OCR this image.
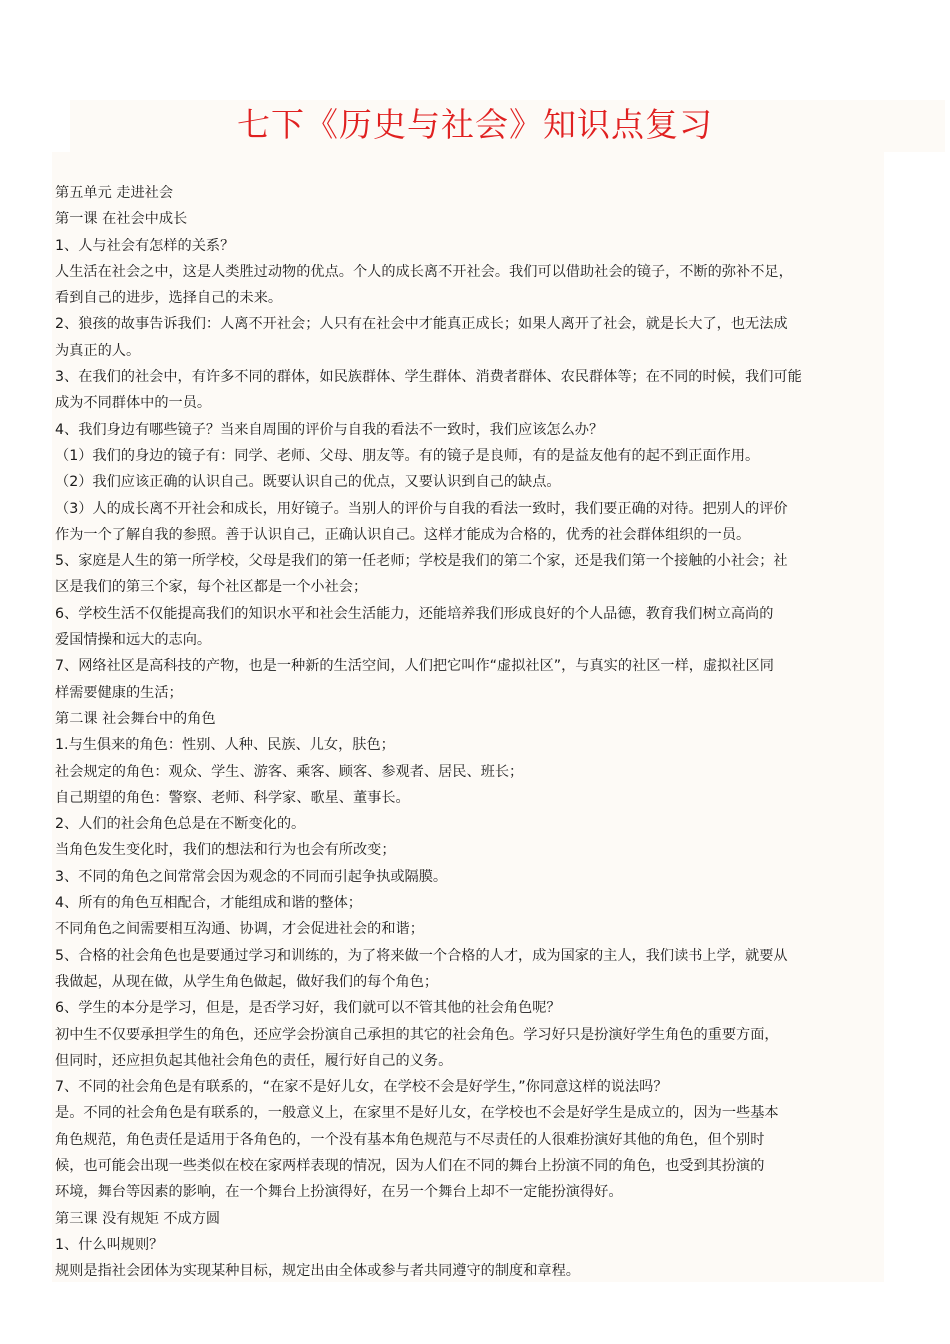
七下《历史与社会》知识点复习
第五单元 走进社会
第一课 在社会中成长
1、人与社会有怎样的关系？
人生活在社会之中，这是人类胜过动物的优点。个人的成长离不开社会。我们可以借助社会的镜子，不断的弥补不足，
看到自己的进步，选择自己的未来。
2、狼孩的故事告诉我们：人离不开社会；人只有在社会中才能真正成长；如果人离开了社会，就是长大了，也无法成
为真正的人。
3、在我们的社会中，有许多不同的群体，如民族群体、学生群体、消费者群体、农民群体等；在不同的时候，我们可能
成为不同群体中的一员。
4、我们身边有哪些镜子？当来自周围的评价与自我的看法不一致时，我们应该怎么办？
（1）我们的身边的镜子有：同学、老师、父母、朋友等。有的镜子是良师，有的是益友他有的起不到正面作用。
（2）我们应该正确的认识自己。既要认识自己的优点，又要认识到自己的缺点。
（3）人的成长离不开社会和成长，用好镜子。当别人的评价与自我的看法一致时，我们要正确的对待。把别人的评价
作为一个了解自我的参照。善于认识自己，正确认识自己。这样才能成为合格的，优秀的社会群体组织的一员。
5、家庭是人生的第一所学校，父母是我们的第一任老师；学校是我们的第二个家，还是我们第一个接触的小社会；社
区是我们的第三个家，每个社区都是一个小社会；
6、学校生活不仅能提高我们的知识水平和社会生活能力，还能培养我们形成良好的个人品德，教育我们树立高尚的
爱国情操和远大的志向。
7、网络社区是高科技的产物，也是一种新的生活空间，人们把它叫作“虚拟社区”，与真实的社区一样，虚拟社区同
样需要健康的生活；
第二课 社会舞台中的角色
1.与生俱来的角色：性别、人种、民族、儿女，肤色；
社会规定的角色：观众、学生、游客、乘客、顾客、参观者、居民、班长；
自己期望的角色：警察、老师、科学家、歌星、董事长。
2、人们的社会角色总是在不断变化的。
当角色发生变化时，我们的想法和行为也会有所改变；
3、不同的角色之间常常会因为观念的不同而引起争执或隔膜。
4、所有的角色互相配合，才能组成和谐的整体；
不同角色之间需要相互沟通、协调，才会促进社会的和谐；
5、合格的社会角色也是要通过学习和训练的，为了将来做一个合格的人才，成为国家的主人，我们读书上学，就要从
我做起，从现在做，从学生角色做起，做好我们的每个角色；
6、学生的本分是学习，但是，是否学习好，我们就可以不管其他的社会角色呢？
初中生不仅要承担学生的角色，还应学会扮演自己承担的其它的社会角色。学习好只是扮演好学生角色的重要方面，
但同时，还应担负起其他社会角色的责任，履行好自己的义务。
7、不同的社会角色是有联系的，“在家不是好儿女，在学校不会是好学生，”你同意这样的说法吗？
是。不同的社会角色是有联系的，一般意义上，在家里不是好儿女，在学校也不会是好学生是成立的，因为一些基本
角色规范，角色责任是适用于各角色的，一个没有基本角色规范与不尽责任的人很难扮演好其他的角色，但个别时
候，也可能会出现一些类似在校在家两样表现的情况，因为人们在不同的舞台上扮演不同的角色，也受到其扮演的
环境，舞台等因素的影响，在一个舞台上扮演得好，在另一个舞台上却不一定能扮演得好。
第三课 没有规矩 不成方圆
1、什么叫规则？
规则是指社会团体为实现某种目标，规定出由全体或参与者共同遵守的制度和章程。
